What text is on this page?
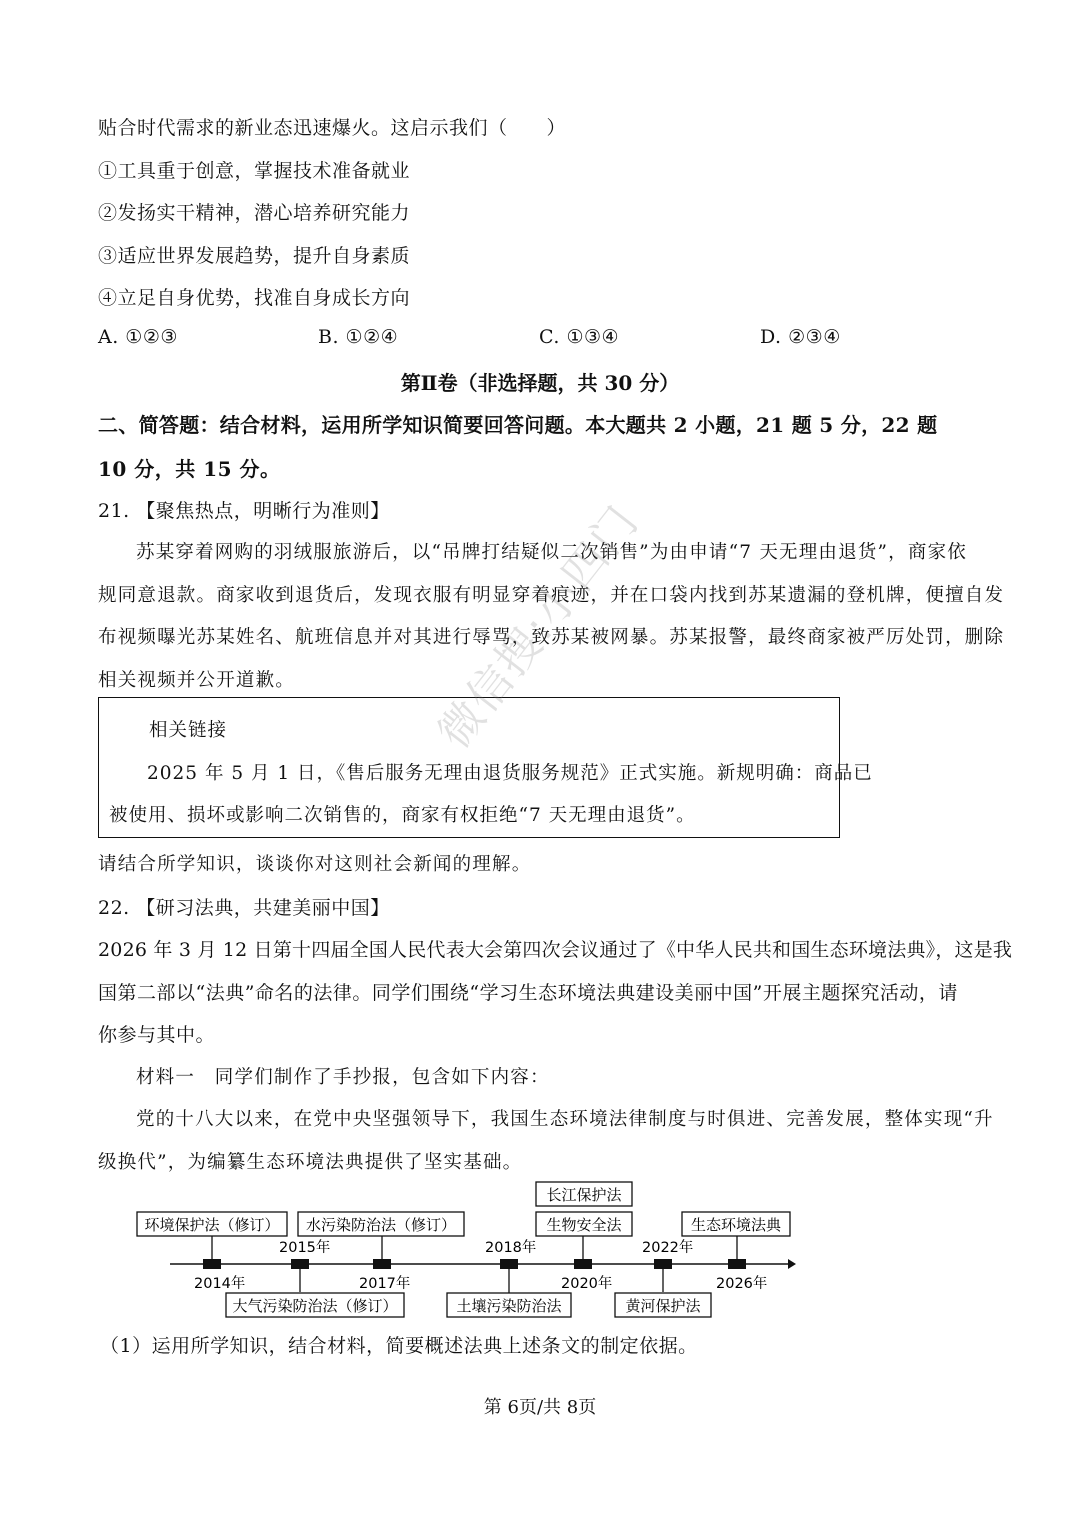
贴合时代需求的新业态迅速爆火。这启示我们（　　）
①工具重于创意，掌握技术准备就业
②发扬实干精神，潜心培养研究能力
③适应世界发展趋势，提升自身素质
④立足自身优势，找准自身成长方向
A. ①②③	B. ①②④	C. ①③④	D. ②③④
第Ⅱ卷（非选择题，共 30 分）
二、简答题：结合材料，运用所学知识简要回答问题。本大题共 2 小题，21 题 5 分，22 题
10 分，共 15 分。
21. 【聚焦热点，明晰行为准则】
苏某穿着网购的羽绒服旅游后，以“吊牌打结疑似二次销售”为由申请“7 天无理由退货”，商家依
规同意退款。商家收到退货后，发现衣服有明显穿着痕迹，并在口袋内找到苏某遗漏的登机牌，便擅自发
布视频曝光苏某姓名、航班信息并对其进行辱骂，致苏某被网暴。苏某报警，最终商家被严厉处罚，删除
相关视频并公开道歉。
相关链接
2025 年 5 月 1 日，《售后服务无理由退货服务规范》正式实施。新规明确：商品已
被使用、损坏或影响二次销售的，商家有权拒绝“7 天无理由退货”。
请结合所学知识，谈谈你对这则社会新闻的理解。
22. 【研习法典，共建美丽中国】
2026 年 3 月 12 日第十四届全国人民代表大会第四次会议通过了《中华人民共和国生态环境法典》，这是我
国第二部以“法典”命名的法律。同学们围绕“学习生态环境法典建设美丽中国”开展主题探究活动，请
你参与其中。
材料一　同学们制作了手抄报，包含如下内容：
党的十八大以来，在党中央坚强领导下，我国生态环境法律制度与时俱进、完善发展，整体实现“升
级换代”，为编纂生态环境法典提供了坚实基础。
2014年
2015年
2017年
2018年
2020年
2022年
2026年
环境保护法（修订）
大气污染防治法（修订）
水污染防治法（修订）
土壤污染防治法
长江保护法
生物安全法
黄河保护法
生态环境法典
（1）运用所学知识，结合材料，简要概述法典上述条文的制定依据。
第 6页/共 8页
微信搜:小四门
